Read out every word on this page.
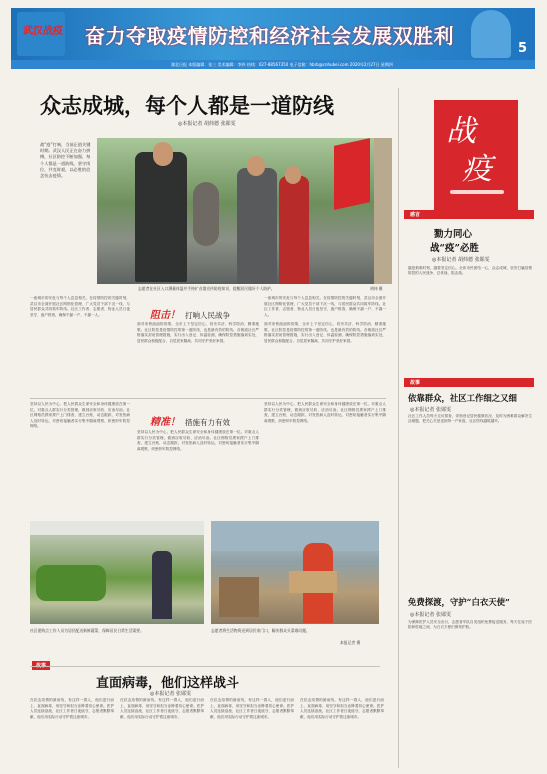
武汉战疫 奋力夺取疫情防控和经济社会发展双胜利
5
湖北日报 本版编辑：张三 美术编辑：李四 热线：027-88567350 电子信箱：hbrb@cnhubei.com 2020年2月27日 星期四
众志成城，每个人都是一道防线
◎本报记者 胡炜德 张郧雯
战“疫”打响，当前正值关键时期。武汉人民正在奋力拼搏，社区防控不断加强，每个人都是一道防线，坚守岗位，共克时艰，以必胜的信念抗击疫情。
志愿者在社区入口测量体温并手持扩音器宣传防疫知识，提醒居民做好个人防护。	胡炜 摄
一座城市的安危与每个人息息相关。在疫情防控的关键时刻，武汉市全面开展社区网格化管理，广大党员干部下沉一线，与居民群众共同筑牢防线。社区工作者、志愿者、物业人员日夜坚守，逐户排查，确保不漏一户、不漏一人。	阻击！ 打响人民战争
面对来势汹汹的疫情，全市上下坚定信心、同舟共济、科学防治、精准施策。社区防控是疫情防控的第一道防线，也是最有效的防线。各街道社区严格落实封闭管理措施，实行出入登记、体温检测，确保防控措施落到实处，居民群众积极配合，自觉居家隔离，共同守护美好家园。
面对来势汹汹的疫情，全市上下坚定信心、同舟共济、科学防治、精准施策。社区防控是疫情防控的第一道防线，也是最有效的防线。各街道社区严格落实封闭管理措施，实行出入登记、体温检测，确保防控措施落到实处，居民群众积极配合，自觉居家隔离，共同守护美好家园。
一座城市的安危与每个人息息相关。在疫情防控的关键时刻，武汉市全面开展社区网格化管理，广大党员干部下沉一线，与居民群众共同筑牢防线。社区工作者、志愿者、物业人员日夜坚守，逐户排查，确保不漏一户、不漏一人。
坚持以人民为中心，把人民群众生命安全和身体健康放在第一位。对重点人群实行分类管理，做到应收尽收、应治尽治。社区网格员挨家挨户上门排查，建立台账，动态跟踪，对发热病人及时转运，对密切接触者实行集中隔离观察，织密织牢防控网络。	精准！ 措施有力有效
坚持以人民为中心，把人民群众生命安全和身体健康放在第一位。对重点人群实行分类管理，做到应收尽收、应治尽治。社区网格员挨家挨户上门排查，建立台账，动态跟踪，对发热病人及时转运，对密切接触者实行集中隔离观察，织密织牢防控网络。
坚持以人民为中心，把人民群众生命安全和身体健康放在第一位。对重点人群实行分类管理，做到应收尽收、应治尽治。社区网格员挨家挨户上门排查，建立台账，动态跟踪，对发热病人及时转运，对密切接触者实行集中隔离观察，织密织牢防控网络。
社区团购点工作人员为居民配送新鲜蔬菜，保障居民日常生活需要。	志愿者将生活物资送到居民家门口，解决群众买菜难问题。
本报记者 摄
故事
直面病毒，他们这样战斗
◎本报记者 张郧雯
在抗击疫情的最前线，有这样一群人，他们逆行而上，直面病毒，用坚守和担当诠释着初心使命。医护人员连续奋战，社区工作者日夜值守，志愿者默默奉献，他们用实际行动守护着这座城市。
在抗击疫情的最前线，有这样一群人，他们逆行而上，直面病毒，用坚守和担当诠释着初心使命。医护人员连续奋战，社区工作者日夜值守，志愿者默默奉献，他们用实际行动守护着这座城市。
在抗击疫情的最前线，有这样一群人，他们逆行而上，直面病毒，用坚守和担当诠释着初心使命。医护人员连续奋战，社区工作者日夜值守，志愿者默默奉献，他们用实际行动守护着这座城市。
在抗击疫情的最前线，有这样一群人，他们逆行而上，直面病毒，用坚守和担当诠释着初心使命。医护人员连续奋战，社区工作者日夜值守，志愿者默默奉献，他们用实际行动守护着这座城市。
战
疫
感言
勠力同心
战“疫”必胜
◎本报记者 胡炜德 张郧雯
越是艰难时刻，越要坚定信心。全体市民团结一心，众志成城，坚决打赢疫情防控的人民战争、总体战、阻击战。
故事
依靠群众，社区工作细之又细
◎本报记者 张郧雯
社区工作人员每天走访排查，详细登记居民健康状况，及时为困难群众解决生活难题，把关心关爱送到每一户家庭，社区防线越筑越牢。
免费探渡，守护“白衣天使”
◎本报记者 张郧雯
为保障医护人员安全出行，志愿者车队自发组织免费接送服务，每天往返于医院和驻地之间，为白衣天使们保驾护航。
